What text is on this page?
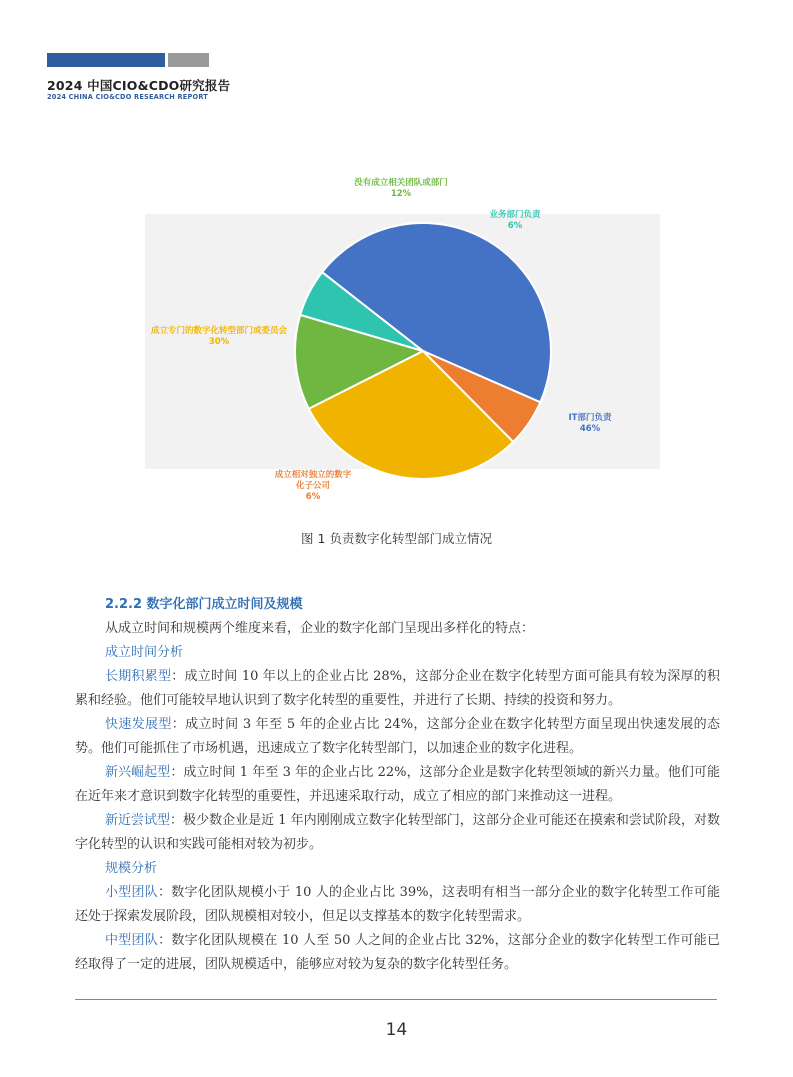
2024 中国CIO&CDO研究报告
2024 CHINA CIO&CDO RESEARCH REPORT
IT部门负责
46%
成立相对独立的数字
化子公司
6%
成立专门的数字化转型部门或委员会
30%
没有成立相关团队或部门
12%
业务部门负责
6%
图 1 负责数字化转型部门成立情况
2.2.2 数字化部门成立时间及规模

从成立时间和规模两个维度来看，企业的数字化部门呈现出多样化的特点：

成立时间分析

长期积累型：成立时间 10 年以上的企业占比 28%，这部分企业在数字化转型方面可能具有较为深厚的积累和经验。他们可能较早地认识到了数字化转型的重要性，并进行了长期、持续的投资和努力。

快速发展型：成立时间 3 年至 5 年的企业占比 24%，这部分企业在数字化转型方面呈现出快速发展的态势。他们可能抓住了市场机遇，迅速成立了数字化转型部门，以加速企业的数字化进程。

新兴崛起型：成立时间 1 年至 3 年的企业占比 22%，这部分企业是数字化转型领域的新兴力量。他们可能在近年来才意识到数字化转型的重要性，并迅速采取行动，成立了相应的部门来推动这一进程。

新近尝试型：极少数企业是近 1 年内刚刚成立数字化转型部门，这部分企业可能还在摸索和尝试阶段，对数字化转型的认识和实践可能相对较为初步。

规模分析

小型团队：数字化团队规模小于 10 人的企业占比 39%，这表明有相当一部分企业的数字化转型工作可能还处于探索发展阶段，团队规模相对较小，但足以支撑基本的数字化转型需求。

中型团队：数字化团队规模在 10 人至 50 人之间的企业占比 32%，这部分企业的数字化转型工作可能已经取得了一定的进展，团队规模适中，能够应对较为复杂的数字化转型任务。

14
